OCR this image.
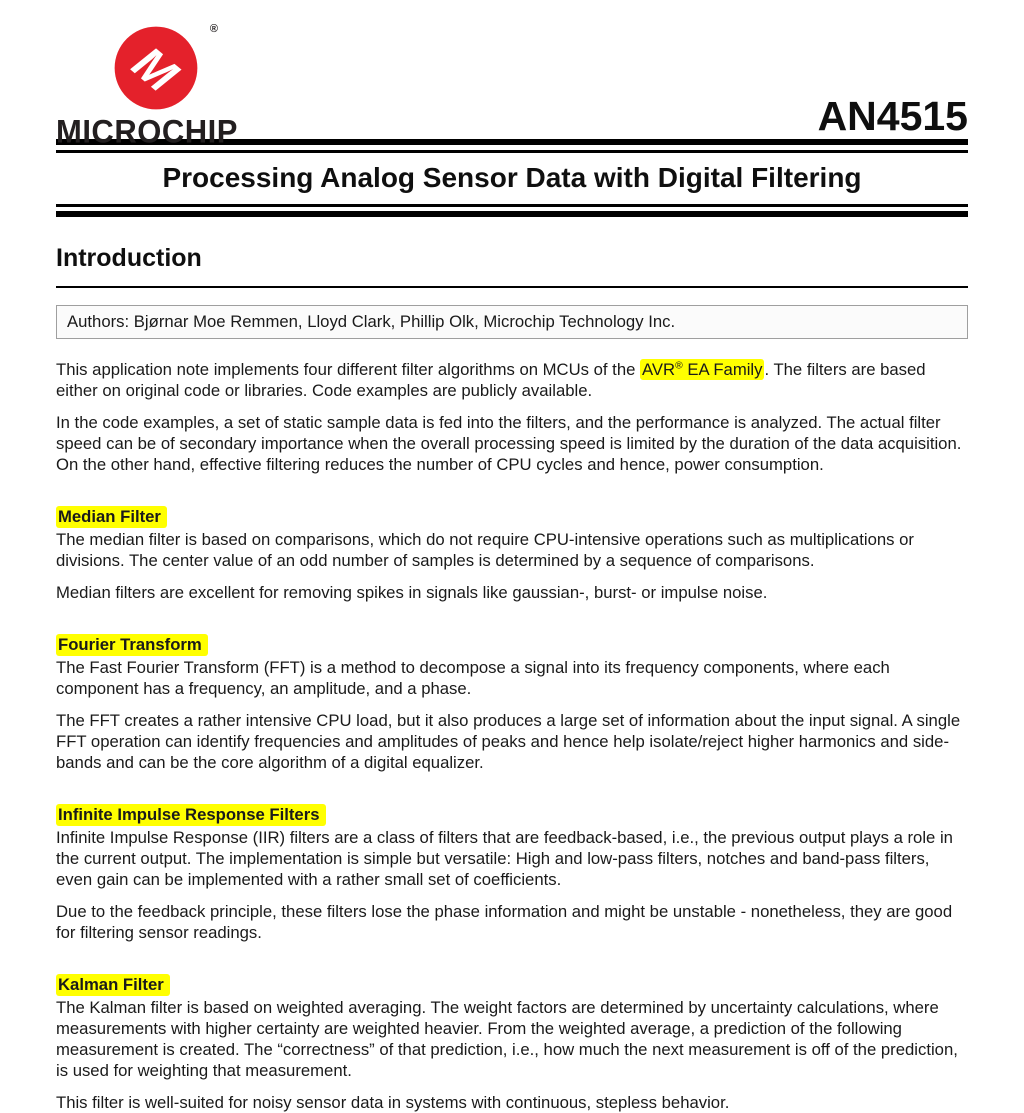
M
®
MICROCHIP	AN4515
Processing Analog Sensor Data with Digital Filtering
Introduction
Authors: Bjørnar Moe Remmen, Lloyd Clark, Phillip Olk, Microchip Technology Inc.

This application note implements four different filter algorithms on MCUs of the AVR® EA Family . The filters are based either on original code or libraries. Code examples are publicly available.

In the code examples, a set of static sample data is fed into the filters, and the performance is analyzed. The actual filter speed can be of secondary importance when the overall processing speed is limited by the duration of the data acquisition. On the other hand, effective filtering reduces the number of CPU cycles and hence, power consumption.

Median Filter

The median filter is based on comparisons, which do not require CPU-intensive operations such as multiplications or divisions. The center value of an odd number of samples is determined by a sequence of comparisons.

Median filters are excellent for removing spikes in signals like gaussian-, burst- or impulse noise.

Fourier Transform

The Fast Fourier Transform (FFT) is a method to decompose a signal into its frequency components, where each component has a frequency, an amplitude, and a phase.

The FFT creates a rather intensive CPU load, but it also produces a large set of information about the input signal. A single FFT operation can identify frequencies and amplitudes of peaks and hence help isolate/reject higher harmonics and side-bands and can be the core algorithm of a digital equalizer.

Infinite Impulse Response Filters

Infinite Impulse Response (IIR) filters are a class of filters that are feedback-based, i.e., the previous output plays a role in the current output. The implementation is simple but versatile: High and low-pass filters, notches and band-pass filters, even gain can be implemented with a rather small set of coefficients.

Due to the feedback principle, these filters lose the phase information and might be unstable - nonetheless, they are good for filtering sensor readings.

Kalman Filter

The Kalman filter is based on weighted averaging. The weight factors are determined by uncertainty calculations, where measurements with higher certainty are weighted heavier. From the weighted average, a prediction of the following measurement is created. The “correctness” of that prediction, i.e., how much the next measurement is off of the prediction, is used for weighting that measurement.

This filter is well-suited for noisy sensor data in systems with continuous, stepless behavior.
